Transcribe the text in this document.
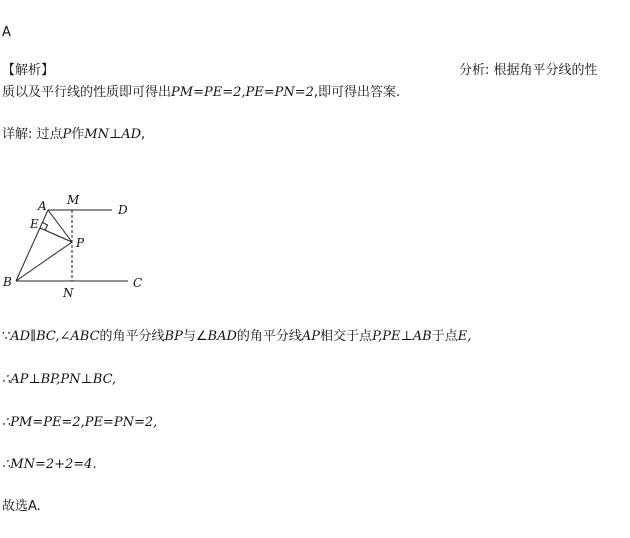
A
【解析】	分析: 根据角平分线的性
质以及平行线的性质即可得出PM=PE=2,PE=PN=2,即可得出答案.
详解: 过点P作MN⊥AD,
A M
D
E
P
B
N
C
∵AD∥BC,∠ABC的角平分线BP与∠BAD的角平分线AP相交于点P,PE⊥AB于点E,
∴AP⊥BP,PN⊥BC,
∴PM=PE=2,PE=PN=2,
∴MN=2+2=4.
故选A.
